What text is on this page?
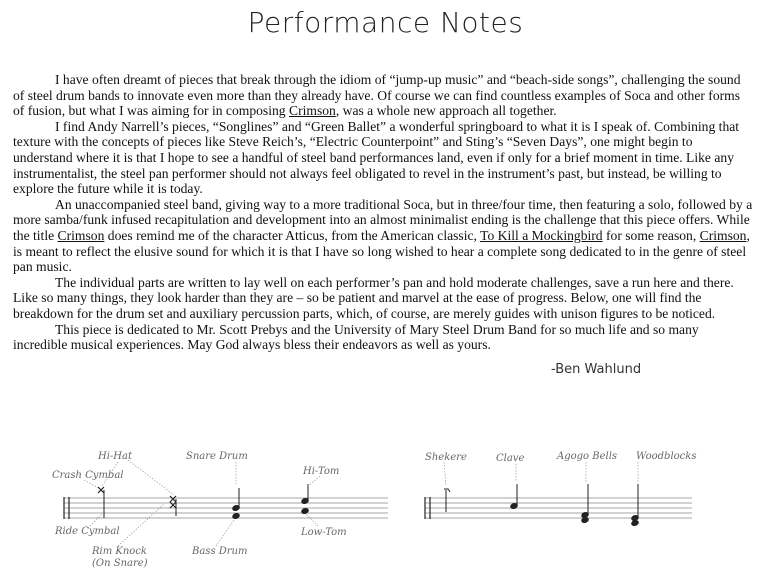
Performance Notes

I have often dreamt of pieces that break through the idiom of “jump-up music” and “beach-side songs”, challenging the sound of steel drum bands to innovate even more than they already have. Of course we can find countless examples of Soca and other forms of fusion, but what I was aiming for in composing Crimson, was a whole new approach all together.

I find Andy Narrell’s pieces, “Songlines” and “Green Ballet” a wonderful springboard to what it is I speak of. Combining that texture with the concepts of pieces like Steve Reich’s, “Electric Counterpoint” and Sting’s “Seven Days”, one might begin to understand where it is that I hope to see a handful of steel band performances land, even if only for a brief moment in time. Like any instrumentalist, the steel pan performer should not always feel obligated to revel in the instrument’s past, but instead, be willing to explore the future while it is today.

An unaccompanied steel band, giving way to a more traditional Soca, but in three/four time, then featuring a solo, followed by a more samba/funk infused recapitulation and development into an almost minimalist ending is the challenge that this piece offers. While the title Crimson does remind me of the character Atticus, from the American classic, To Kill a Mockingbird for some reason, Crimson, is meant to reflect the elusive sound for which it is that I have so long wished to hear a complete song dedicated to in the genre of steel pan music.

The individual parts are written to lay well on each performer’s pan and hold moderate challenges, save a run here and there. Like so many things, they look harder than they are – so be patient and marvel at the ease of progress. Below, one will find the breakdown for the drum set and auxiliary percussion parts, which, of course, are merely guides with unison figures to be noticed.

This piece is dedicated to Mr. Scott Prebys and the University of Mary Steel Drum Band for so much life and so many incredible musical experiences. May God always bless their endeavors as well as yours.

-Ben Wahlund
Hi-Hat
Crash Cymbal
Snare Drum
Hi-Tom
Ride Cymbal
Rim Knock
(On Snare)
Bass Drum
Low-Tom
Shekere	Clave	Agogo Bells Woodblocks
